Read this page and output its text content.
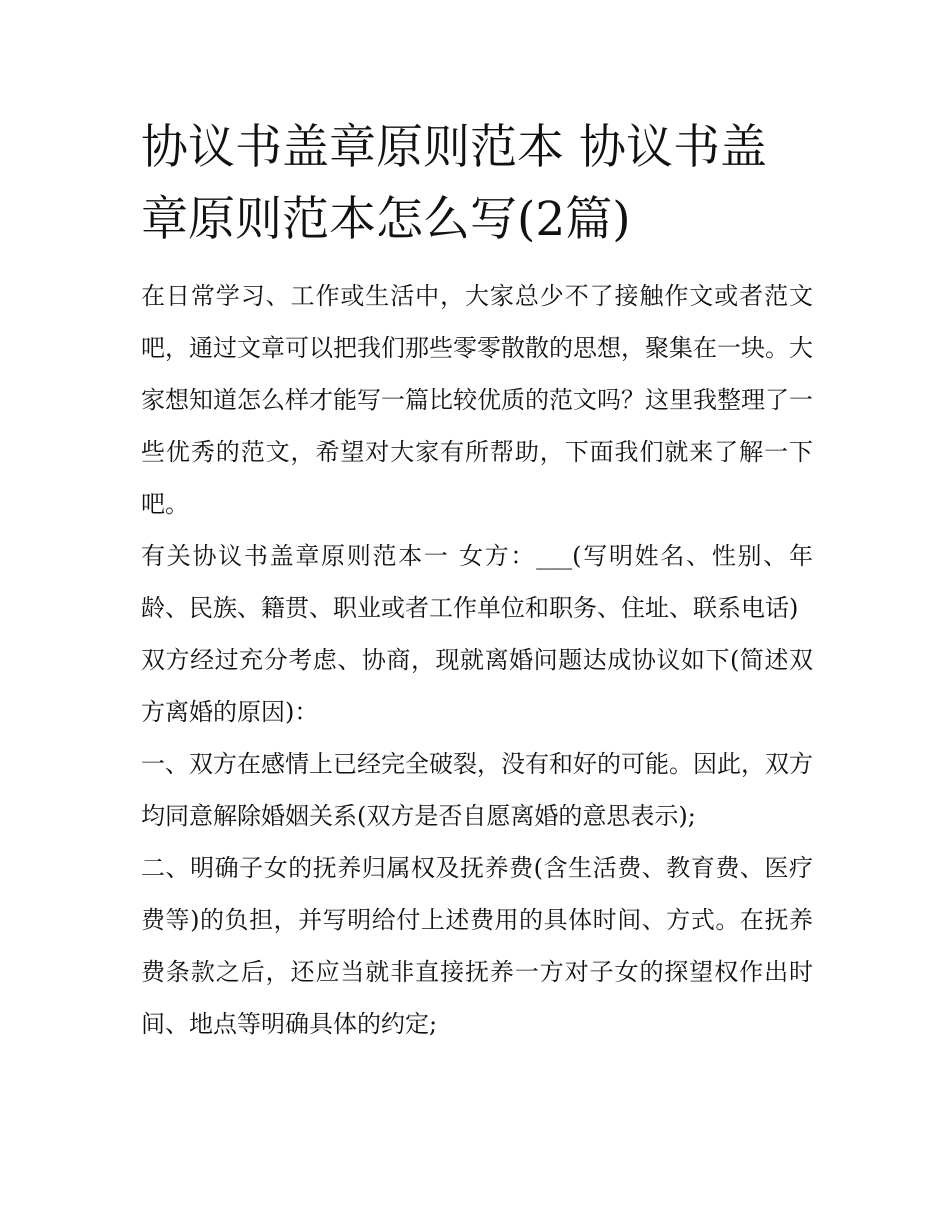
协议书盖章原则范本 协议书盖章原则范本怎么写(2篇)

在日常学习、工作或生活中，大家总少不了接触作文或者范文吧，通过文章可以把我们那些零零散散的思想，聚集在一块。大家想知道怎么样才能写一篇比较优质的范文吗？这里我整理了一些优秀的范文，希望对大家有所帮助，下面我们就来了解一下吧。

有关协议书盖章原则范本一 女方：___(写明姓名、性别、年龄、民族、籍贯、职业或者工作单位和职务、住址、联系电话)

双方经过充分考虑、协商，现就离婚问题达成协议如下(简述双方离婚的原因)：

一、双方在感情上已经完全破裂，没有和好的可能。因此，双方均同意解除婚姻关系(双方是否自愿离婚的意思表示);

二、明确子女的抚养归属权及抚养费(含生活费、教育费、医疗费等)的负担，并写明给付上述费用的具体时间、方式。在抚养费条款之后，还应当就非直接抚养一方对子女的探望权作出时间、地点等明确具体的约定;
